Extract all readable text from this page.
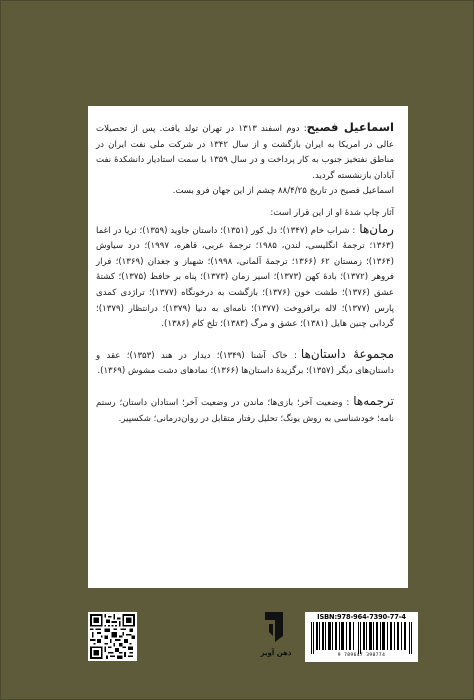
اسماعیل فصیح: دوم اسفند ۱۳۱۳ در تهران تولد یافت. پس از تحصیلات عالی در امریکا به ایران بازگشت و از سال ۱۳۴۲ در شرکت ملی نفت ایران در مناطق نفتخیز جنوب به کار پرداخت و در سال ۱۳۵۹ با سمت استادیار دانشکدهٔ نفت آبادان بازنشسته گردید.

اسماعیل فصیح در تاریخ ۸۸/۴/۲۵ چشم از این جهان فرو بست.

آثار چاپ شدهٔ او از این قرار است:

رمان‌ها: شراب خام (۱۳۴۷)؛ دل کور (۱۳۵۱)؛ داستان جاوید (۱۳۵۹)؛ ثریا در اغما (۱۳۶۳؛ ترجمهٔ انگلیسی، لندن، ۱۹۸۵؛ ترجمهٔ عربی، قاهره، ۱۹۹۷)؛ درد سیاوش (۱۳۶۴)؛ زمستان ۶۲ (۱۳۶۶؛ ترجمهٔ آلمانی، ۱۹۹۸)؛ شهباز و جغدان (۱۳۶۹)؛ فرار فروهر (۱۳۷۲)؛ بادهٔ کهن (۱۳۷۳)؛ اسیر زمان (۱۳۷۳)؛ پناه بر حافظ (۱۳۷۵)؛ کشتهٔ عشق (۱۳۷۶)؛ طشت خون (۱۳۷۶)؛ بازگشت به درخونگاه (۱۳۷۷)؛ تراژدی کمدی پارس (۱۳۷۷)؛ لاله برافروخت (۱۳۷۷)؛ نامه‌ای به دنیا (۱۳۷۹)؛ درانتظار (۱۳۷۹)؛ گردابی چنین هایل (۱۳۸۱)؛ عشق و مرگ (۱۳۸۳)؛ تلخ کام (۱۳۸۶).

مجموعهٔ داستان‌ها: خاک آشنا (۱۳۴۹)؛ دیدار در هند (۱۳۵۳)؛ عقد و داستان‌های دیگر (۱۳۵۷)؛ برگزیدهٔ داستان‌ها (۱۳۶۶)؛ نمادهای دشت مشوش (۱۳۶۹).

ترجمه‌ها: وضعیت آخر؛ بازی‌ها؛ ماندن در وضعیت آخر؛ استادان داستان؛ رستم نامه؛ خودشناسی به روش یونگ؛ تحلیل رفتار متقابل در روان‌درمانی؛ شکسپیر.

ذهن آویز
ISBN:978-964-7390-77-4
9 789647 390774
